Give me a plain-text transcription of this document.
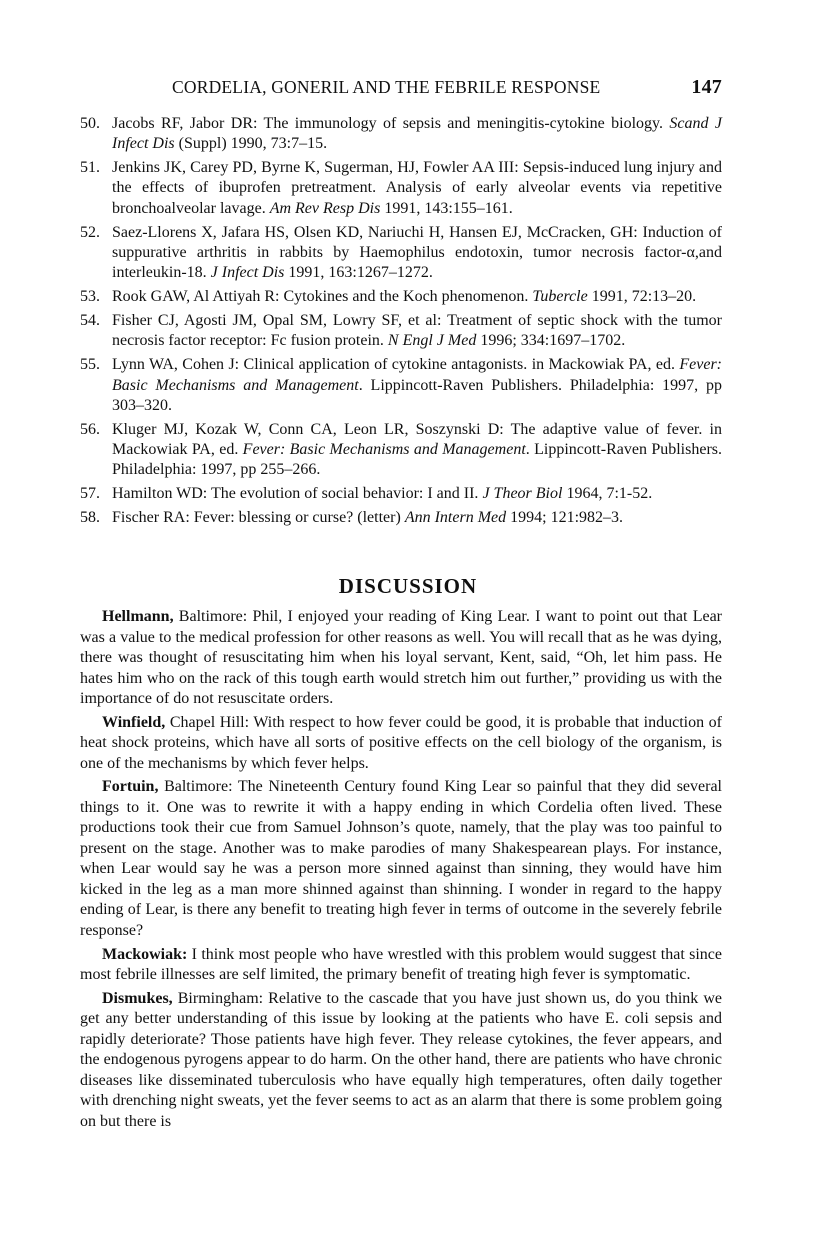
CORDELIA, GONERIL AND THE FEBRILE RESPONSE	147
50. Jacobs RF, Jabor DR: The immunology of sepsis and meningitis-cytokine biology. Scand J Infect Dis (Suppl) 1990, 73:7–15.
51. Jenkins JK, Carey PD, Byrne K, Sugerman, HJ, Fowler AA III: Sepsis-induced lung injury and the effects of ibuprofen pretreatment. Analysis of early alveolar events via repetitive bronchoalveolar lavage. Am Rev Resp Dis 1991, 143:155–161.
52. Saez-Llorens X, Jafara HS, Olsen KD, Nariuchi H, Hansen EJ, McCracken, GH: Induction of suppurative arthritis in rabbits by Haemophilus endotoxin, tumor necrosis factor-α,and interleukin-18. J Infect Dis 1991, 163:1267–1272.
53. Rook GAW, Al Attiyah R: Cytokines and the Koch phenomenon. Tubercle 1991, 72:13–20.
54. Fisher CJ, Agosti JM, Opal SM, Lowry SF, et al: Treatment of septic shock with the tumor necrosis factor receptor: Fc fusion protein. N Engl J Med 1996; 334:1697–1702.
55. Lynn WA, Cohen J: Clinical application of cytokine antagonists. in Mackowiak PA, ed. Fever: Basic Mechanisms and Management. Lippincott-Raven Publishers. Philadelphia: 1997, pp 303–320.
56. Kluger MJ, Kozak W, Conn CA, Leon LR, Soszynski D: The adaptive value of fever. in Mackowiak PA, ed. Fever: Basic Mechanisms and Management. Lippincott-Raven Publishers. Philadelphia: 1997, pp 255–266.
57. Hamilton WD: The evolution of social behavior: I and II. J Theor Biol 1964, 7:1-52.
58. Fischer RA: Fever: blessing or curse? (letter) Ann Intern Med 1994; 121:982–3.
DISCUSSION

Hellmann, Baltimore: Phil, I enjoyed your reading of King Lear. I want to point out that Lear was a value to the medical profession for other reasons as well. You will recall that as he was dying, there was thought of resuscitating him when his loyal servant, Kent, said, “Oh, let him pass. He hates him who on the rack of this tough earth would stretch him out further,” providing us with the importance of do not resuscitate orders.

Winfield, Chapel Hill: With respect to how fever could be good, it is probable that induction of heat shock proteins, which have all sorts of positive effects on the cell biology of the organism, is one of the mechanisms by which fever helps.

Fortuin, Baltimore: The Nineteenth Century found King Lear so painful that they did several things to it. One was to rewrite it with a happy ending in which Cordelia often lived. These productions took their cue from Samuel Johnson’s quote, namely, that the play was too painful to present on the stage. Another was to make parodies of many Shakespearean plays. For instance, when Lear would say he was a person more sinned against than sinning, they would have him kicked in the leg as a man more shinned against than shinning. I wonder in regard to the happy ending of Lear, is there any benefit to treating high fever in terms of outcome in the severely febrile response?

Mackowiak: I think most people who have wrestled with this problem would suggest that since most febrile illnesses are self limited, the primary benefit of treating high fever is symptomatic.

Dismukes, Birmingham: Relative to the cascade that you have just shown us, do you think we get any better understanding of this issue by looking at the patients who have E. coli sepsis and rapidly deteriorate? Those patients have high fever. They release cytokines, the fever appears, and the endogenous pyrogens appear to do harm. On the other hand, there are patients who have chronic diseases like disseminated tuberculosis who have equally high temperatures, often daily together with drenching night sweats, yet the fever seems to act as an alarm that there is some problem going on but there is
